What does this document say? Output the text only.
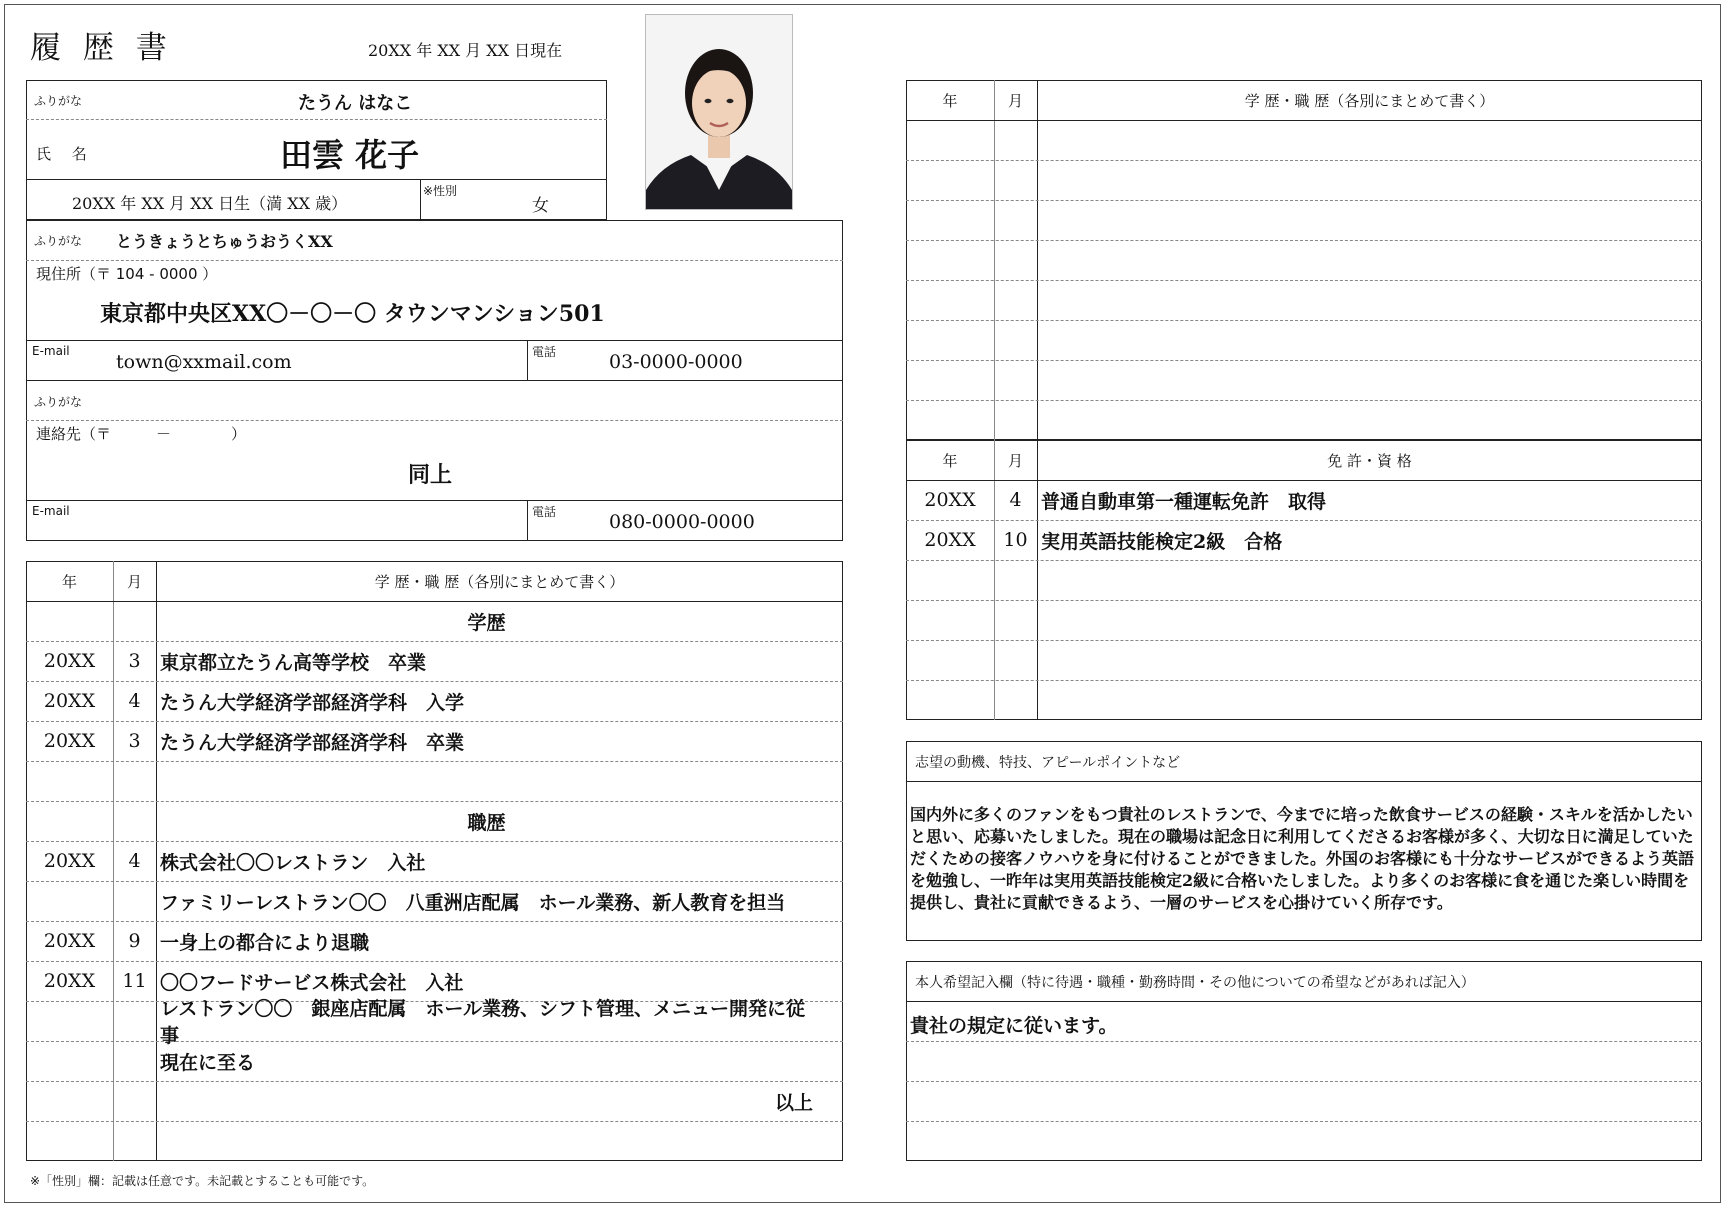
履 歴 書	20XX 年 XX 月 XX 日現在
ふりがな	たうん はなこ
氏 名	田雲 花子
20XX 年 XX 月 XX 日生（満 XX 歳）
※性別
女
ふりがな とうきょうとちゅうおうくXX
現住所（〒 104 - 0000 ）
東京都中央区XX〇－〇－〇 タウンマンション501
E-mail town@xxmail.com	電話	03-0000-0000
ふりがな
連絡先（〒　　　－　　　　）
同上
E-mail	電話	080-0000-0000
年	月	学 歴・職 歴（各別にまとめて書く）
学歴
20XX	3	東京都立たうん高等学校　卒業
20XX	4	たうん大学経済学部経済学科　入学
20XX	3	たうん大学経済学部経済学科　卒業
職歴
20XX	4	株式会社〇〇レストラン　入社
ファミリーレストラン〇〇　八重洲店配属　ホール業務、新人教育を担当
20XX	9	一身上の都合により退職
20XX	11 〇〇フードサービス株式会社　入社
レストラン〇〇　銀座店配属　ホール業務、シフト管理、メニュー開発に従事
現在に至る
以上
年	月	学 歴・職 歴（各別にまとめて書く）
年	月	免 許・資 格
20XX	4	普通自動車第一種運転免許　取得
20XX	10 実用英語技能検定2級　合格
志望の動機、特技、アピールポイントなど
国内外に多くのファンをもつ貴社のレストランで、今までに培った飲食サービスの経験・スキルを活かしたいと思い、応募いたしました。現在の職場は記念日に利用してくださるお客様が多く、大切な日に満足していただくための接客ノウハウを身に付けることができました。外国のお客様にも十分なサービスができるよう英語を勉強し、一昨年は実用英語技能検定2級に合格いたしました。より多くのお客様に食を通じた楽しい時間を提供し、貴社に貢献できるよう、一層のサービスを心掛けていく所存です。
本人希望記入欄（特に待遇・職種・勤務時間・その他についての希望などがあれば記入）
貴社の規定に従います。
※「性別」欄：記載は任意です。未記載とすることも可能です。
